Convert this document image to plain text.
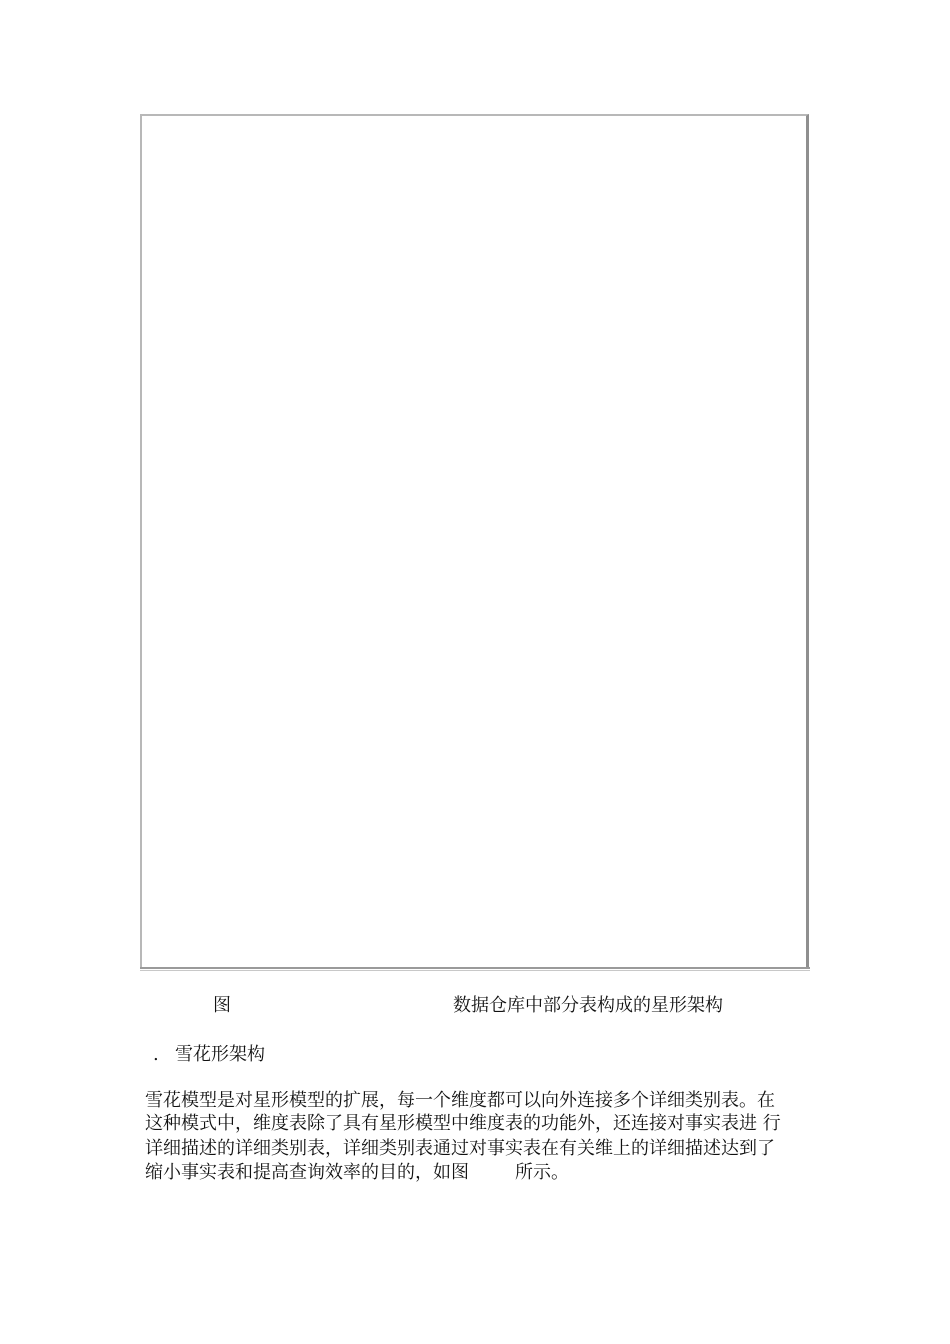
图	数据仓库中部分表构成的星形架构
. 雪花形架构
雪花模型是对星形模型的扩展，每一个维度都可以向外连接多个详细类别表。在
这种模式中，维度表除了具有星形模型中维度表的功能外，还连接对事实表进 行
详细描述的详细类别表，详细类别表通过对事实表在有关维上的详细描述达到了
缩小事实表和提高查询效率的目的，如图	所示。
